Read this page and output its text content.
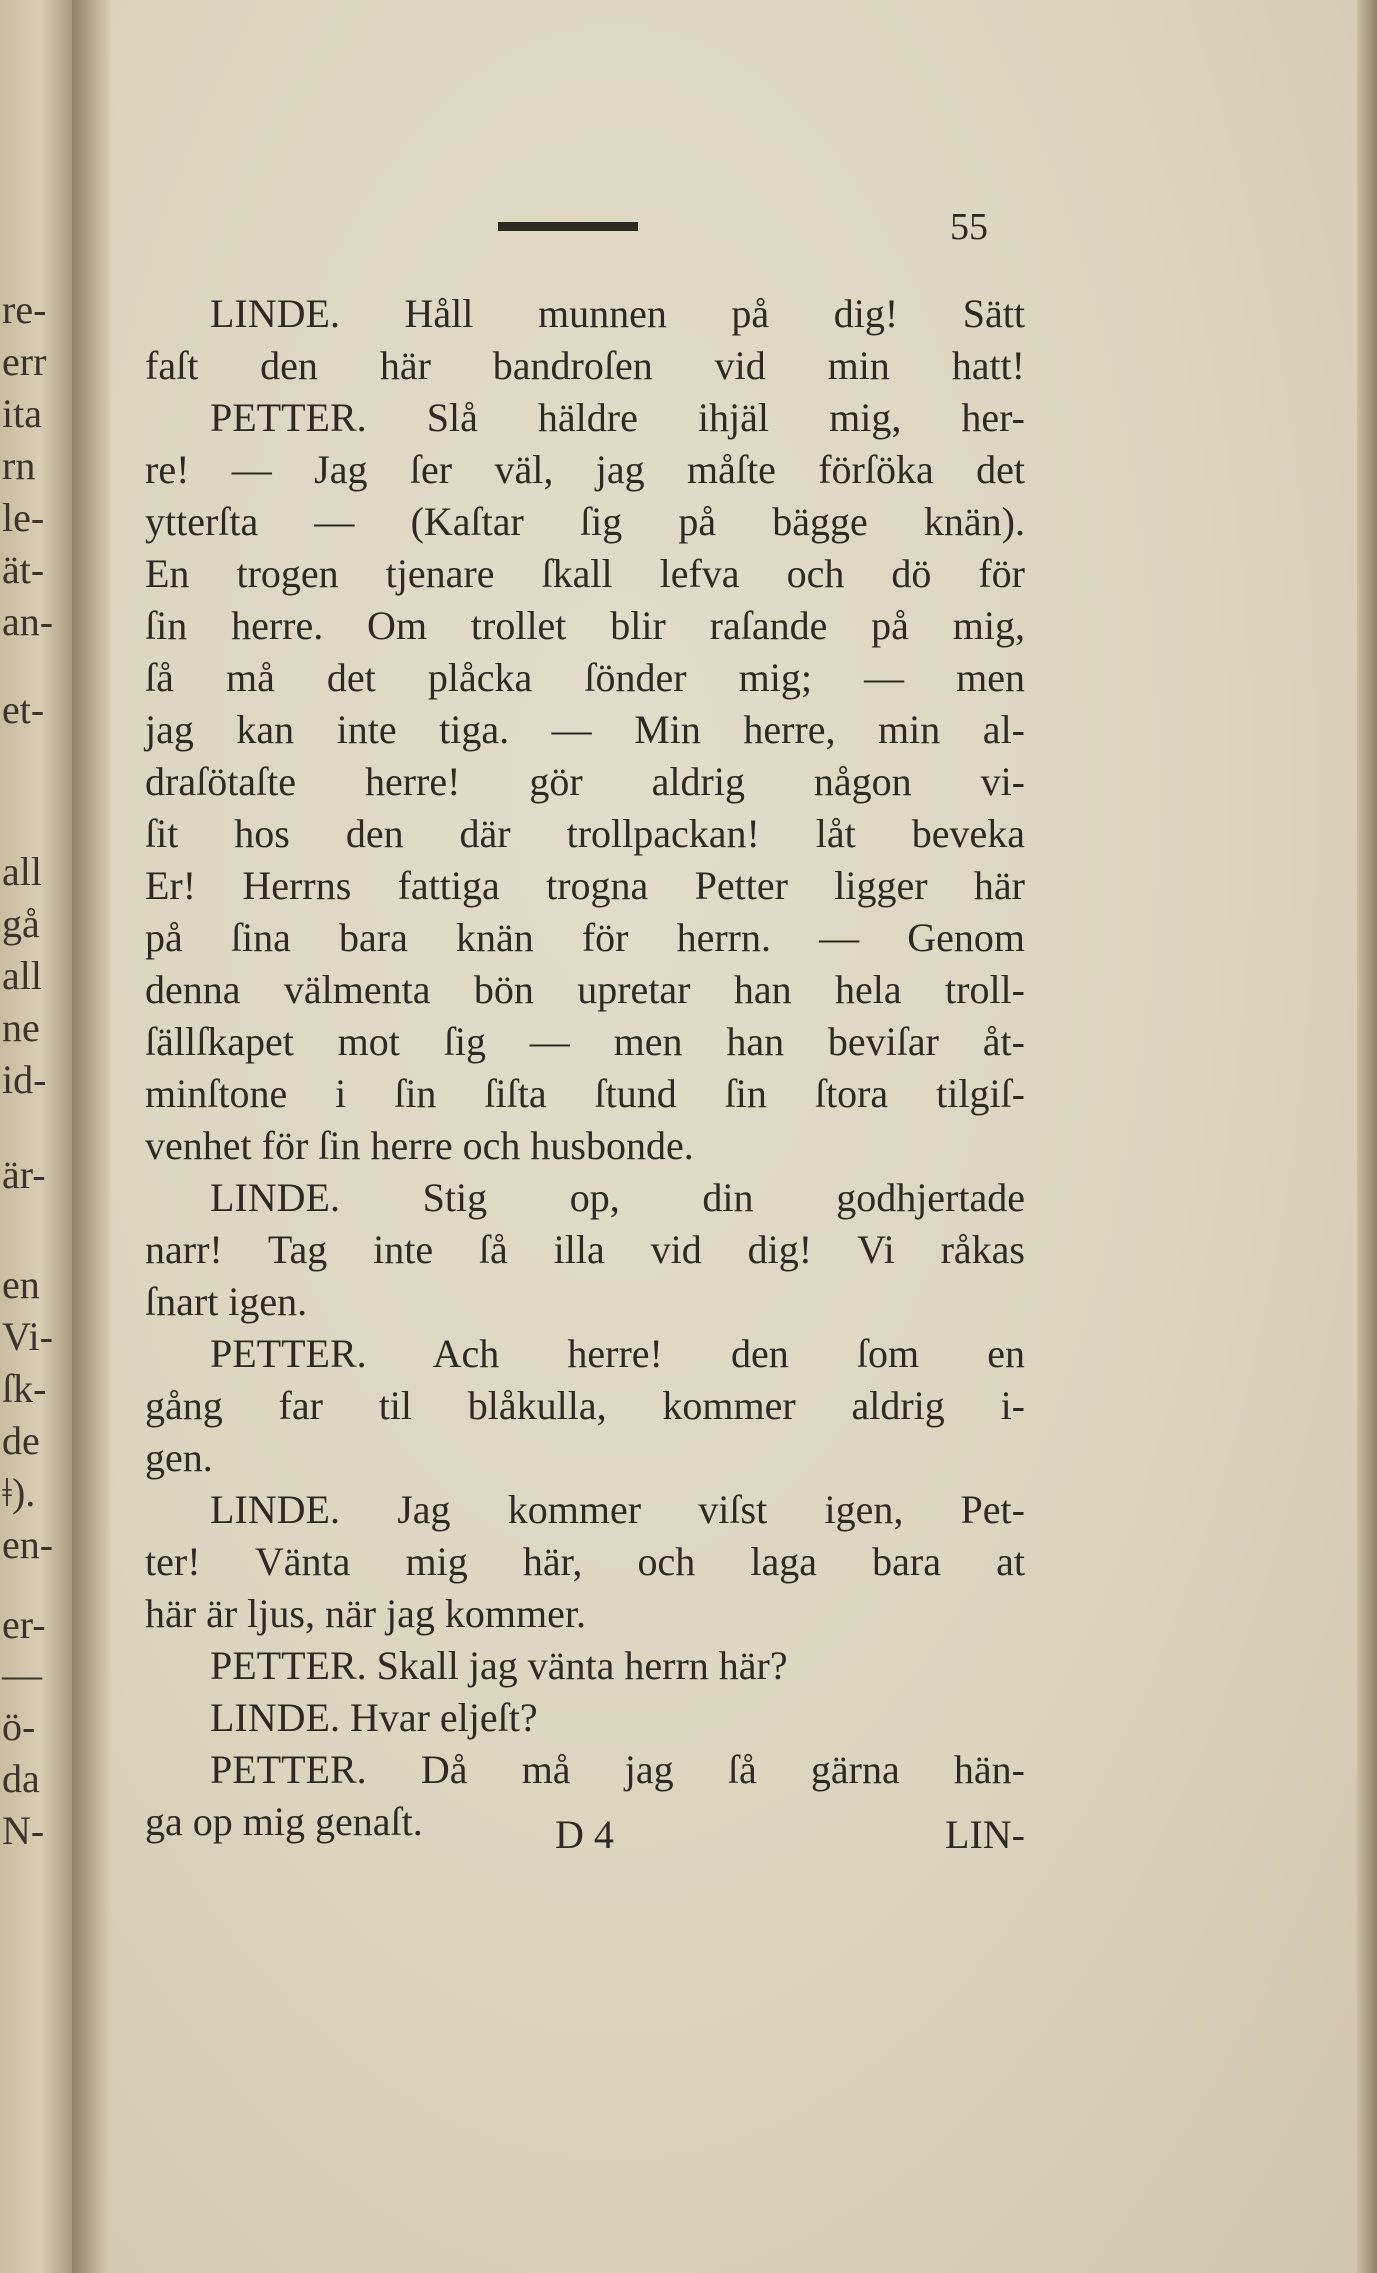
re-
err
ita
rn
le-
ät-
an-
et-
all
gå
all
ne
id-
är-
en
Vi-
ſk-
de
ǂ).
en-
er-
—
ö-
da
N-
55
LINDE. Håll munnen på dig! Sätt
faſt den här bandroſen vid min hatt!
PETTER. Slå häldre ihjäl mig, her-
re! — Jag ſer väl, jag måſte förſöka det
ytterſta — (Kaſtar ſig på bägge knän).
En trogen tjenare ſkall lefva och dö för
ſin herre. Om trollet blir raſande på mig,
ſå må det plåcka ſönder mig; — men
jag kan inte tiga. — Min herre, min al-
draſötaſte herre! gör aldrig någon vi-
ſit hos den där trollpackan! låt beveka
Er! Herrns fattiga trogna Petter ligger här
på ſina bara knän för herrn. — Genom
denna välmenta bön upretar han hela troll-
ſällſkapet mot ſig — men han beviſar åt-
minſtone i ſin ſiſta ſtund ſin ſtora tilgiſ-
venhet för ſin herre och husbonde.
LINDE. Stig op, din godhjertade
narr! Tag inte ſå illa vid dig! Vi råkas
ſnart igen.
PETTER. Ach herre! den ſom en
gång far til blåkulla, kommer aldrig i-
gen.
LINDE. Jag kommer viſst igen, Pet-
ter! Vänta mig här, och laga bara at
här är ljus, när jag kommer.
PETTER. Skall jag vänta herrn här?
LINDE. Hvar eljeſt?
PETTER. Då må jag ſå gärna hän-
ga op mig genaſt.	D 4	LIN-
